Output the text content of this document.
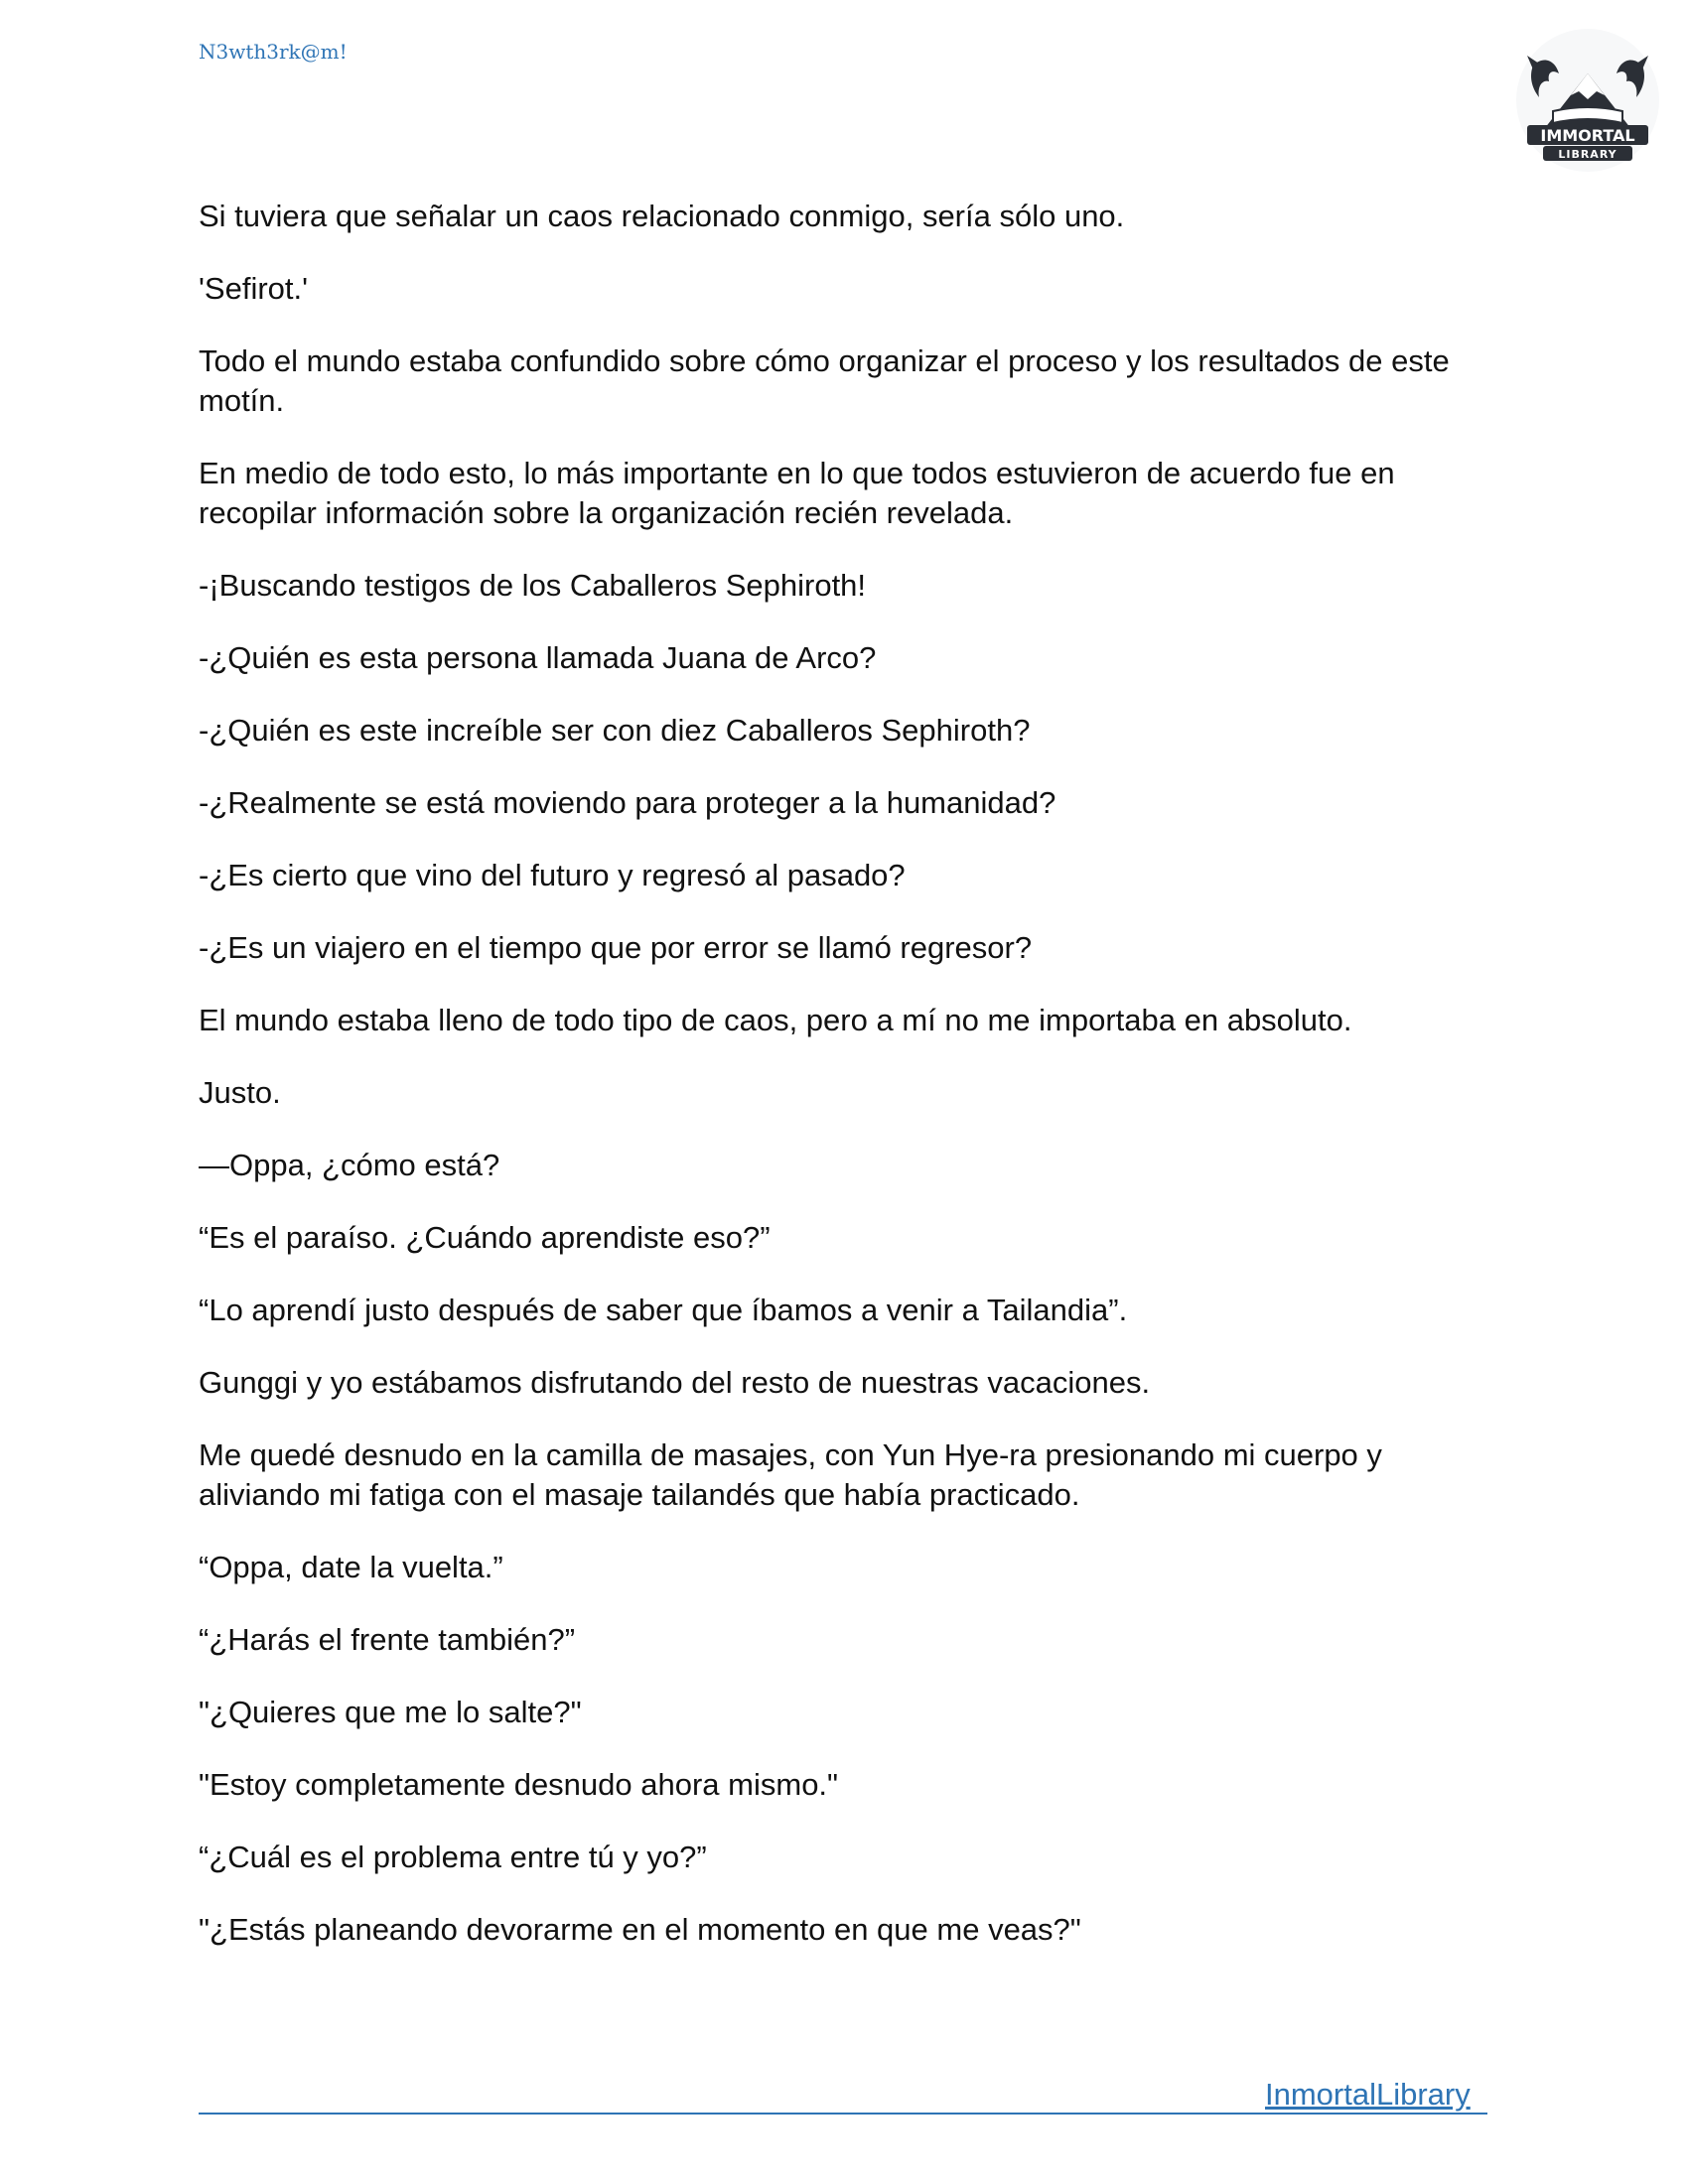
N3wth3rk@m!
IMMORTAL
LIBRARY

Si tuviera que señalar un caos relacionado conmigo, sería sólo uno.

'Sefirot.'

Todo el mundo estaba confundido sobre cómo organizar el proceso y los resultados de este motín.

En medio de todo esto, lo más importante en lo que todos estuvieron de acuerdo fue en recopilar información sobre la organización recién revelada.

-¡Buscando testigos de los Caballeros Sephiroth!

-¿Quién es esta persona llamada Juana de Arco?

-¿Quién es este increíble ser con diez Caballeros Sephiroth?

-¿Realmente se está moviendo para proteger a la humanidad?

-¿Es cierto que vino del futuro y regresó al pasado?

-¿Es un viajero en el tiempo que por error se llamó regresor?

El mundo estaba lleno de todo tipo de caos, pero a mí no me importaba en absoluto.

Justo.

—Oppa, ¿cómo está?

“Es el paraíso. ¿Cuándo aprendiste eso?”

“Lo aprendí justo después de saber que íbamos a venir a Tailandia”.

Gunggi y yo estábamos disfrutando del resto de nuestras vacaciones.

Me quedé desnudo en la camilla de masajes, con Yun Hye-ra presionando mi cuerpo y aliviando mi fatiga con el masaje tailandés que había practicado.

“Oppa, date la vuelta.”

“¿Harás el frente también?”

"¿Quieres que me lo salte?"

"Estoy completamente desnudo ahora mismo."

“¿Cuál es el problema entre tú y yo?”

"¿Estás planeando devorarme en el momento en que me veas?"

InmortalLibrary
